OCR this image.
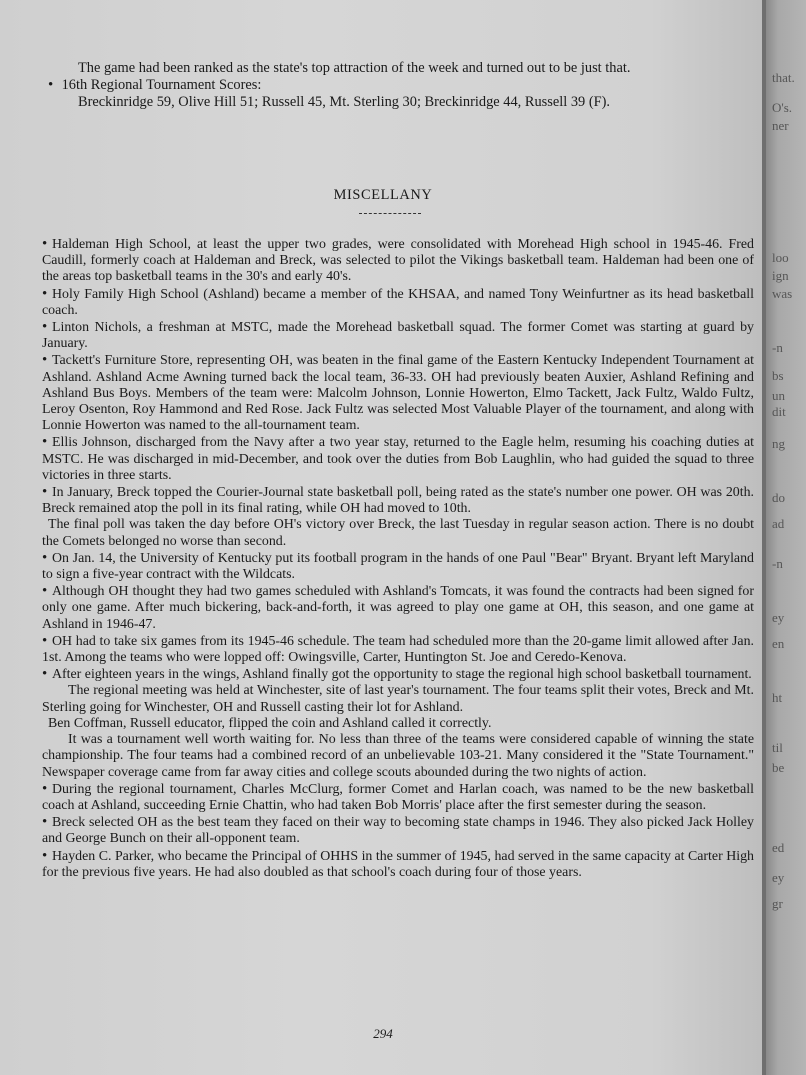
The game had been ranked as the state's top attraction of the week and turned out to be just that.
• 16th Regional Tournament Scores:
Breckinridge 59, Olive Hill 51; Russell 45, Mt. Sterling 30; Breckinridge 44, Russell 39 (F).
MISCELLANY

• Haldeman High School, at least the upper two grades, were consolidated with Morehead High school in 1945-46. Fred Caudill, formerly coach at Haldeman and Breck, was selected to pilot the Vikings basketball team. Haldeman had been one of the areas top basketball teams in the 30's and early 40's.

• Holy Family High School (Ashland) became a member of the KHSAA, and named Tony Weinfurtner as its head basketball coach.

• Linton Nichols, a freshman at MSTC, made the Morehead basketball squad. The former Comet was starting at guard by January.

• Tackett's Furniture Store, representing OH, was beaten in the final game of the Eastern Kentucky Independent Tournament at Ashland. Ashland Acme Awning turned back the local team, 36-33. OH had previously beaten Auxier, Ashland Refining and Ashland Bus Boys. Members of the team were: Malcolm Johnson, Lonnie Howerton, Elmo Tackett, Jack Fultz, Waldo Fultz, Leroy Osenton, Roy Hammond and Red Rose. Jack Fultz was selected Most Valuable Player of the tournament, and along with Lonnie Howerton was named to the all-tournament team.

• Ellis Johnson, discharged from the Navy after a two year stay, returned to the Eagle helm, resuming his coaching duties at MSTC. He was discharged in mid-December, and took over the duties from Bob Laughlin, who had guided the squad to three victories in three starts.

• In January, Breck topped the Courier-Journal state basketball poll, being rated as the state's number one power. OH was 20th. Breck remained atop the poll in its final rating, while OH had moved to 10th.

The final poll was taken the day before OH's victory over Breck, the last Tuesday in regular season action. There is no doubt the Comets belonged no worse than second.

• On Jan. 14, the University of Kentucky put its football program in the hands of one Paul "Bear" Bryant. Bryant left Maryland to sign a five-year contract with the Wildcats.

• Although OH thought they had two games scheduled with Ashland's Tomcats, it was found the contracts had been signed for only one game. After much bickering, back-and-forth, it was agreed to play one game at OH, this season, and one game at Ashland in 1946-47.

• OH had to take six games from its 1945-46 schedule. The team had scheduled more than the 20-game limit allowed after Jan. 1st. Among the teams who were lopped off: Owingsville, Carter, Huntington St. Joe and Ceredo-Kenova.

• After eighteen years in the wings, Ashland finally got the opportunity to stage the regional high school basketball tournament.

The regional meeting was held at Winchester, site of last year's tournament. The four teams split their votes, Breck and Mt. Sterling going for Winchester, OH and Russell casting their lot for Ashland.

Ben Coffman, Russell educator, flipped the coin and Ashland called it correctly.

It was a tournament well worth waiting for. No less than three of the teams were considered capable of winning the state championship. The four teams had a combined record of an unbelievable 103-21. Many considered it the "State Tournament." Newspaper coverage came from far away cities and college scouts abounded during the two nights of action.

• During the regional tournament, Charles McClurg, former Comet and Harlan coach, was named to be the new basketball coach at Ashland, succeeding Ernie Chattin, who had taken Bob Morris' place after the first semester during the season.

• Breck selected OH as the best team they faced on their way to becoming state champs in 1946. They also picked Jack Holley and George Bunch on their all-opponent team.

• Hayden C. Parker, who became the Principal of OHHS in the summer of 1945, had served in the same capacity at Carter High for the previous five years. He had also doubled as that school's coach during four of those years.

294
that.
O's.
ner
loo
ign
was
-n
bs
un
dit
ng
do
ad
-n
ey
en
ht
til
be
ed
ey
gr
